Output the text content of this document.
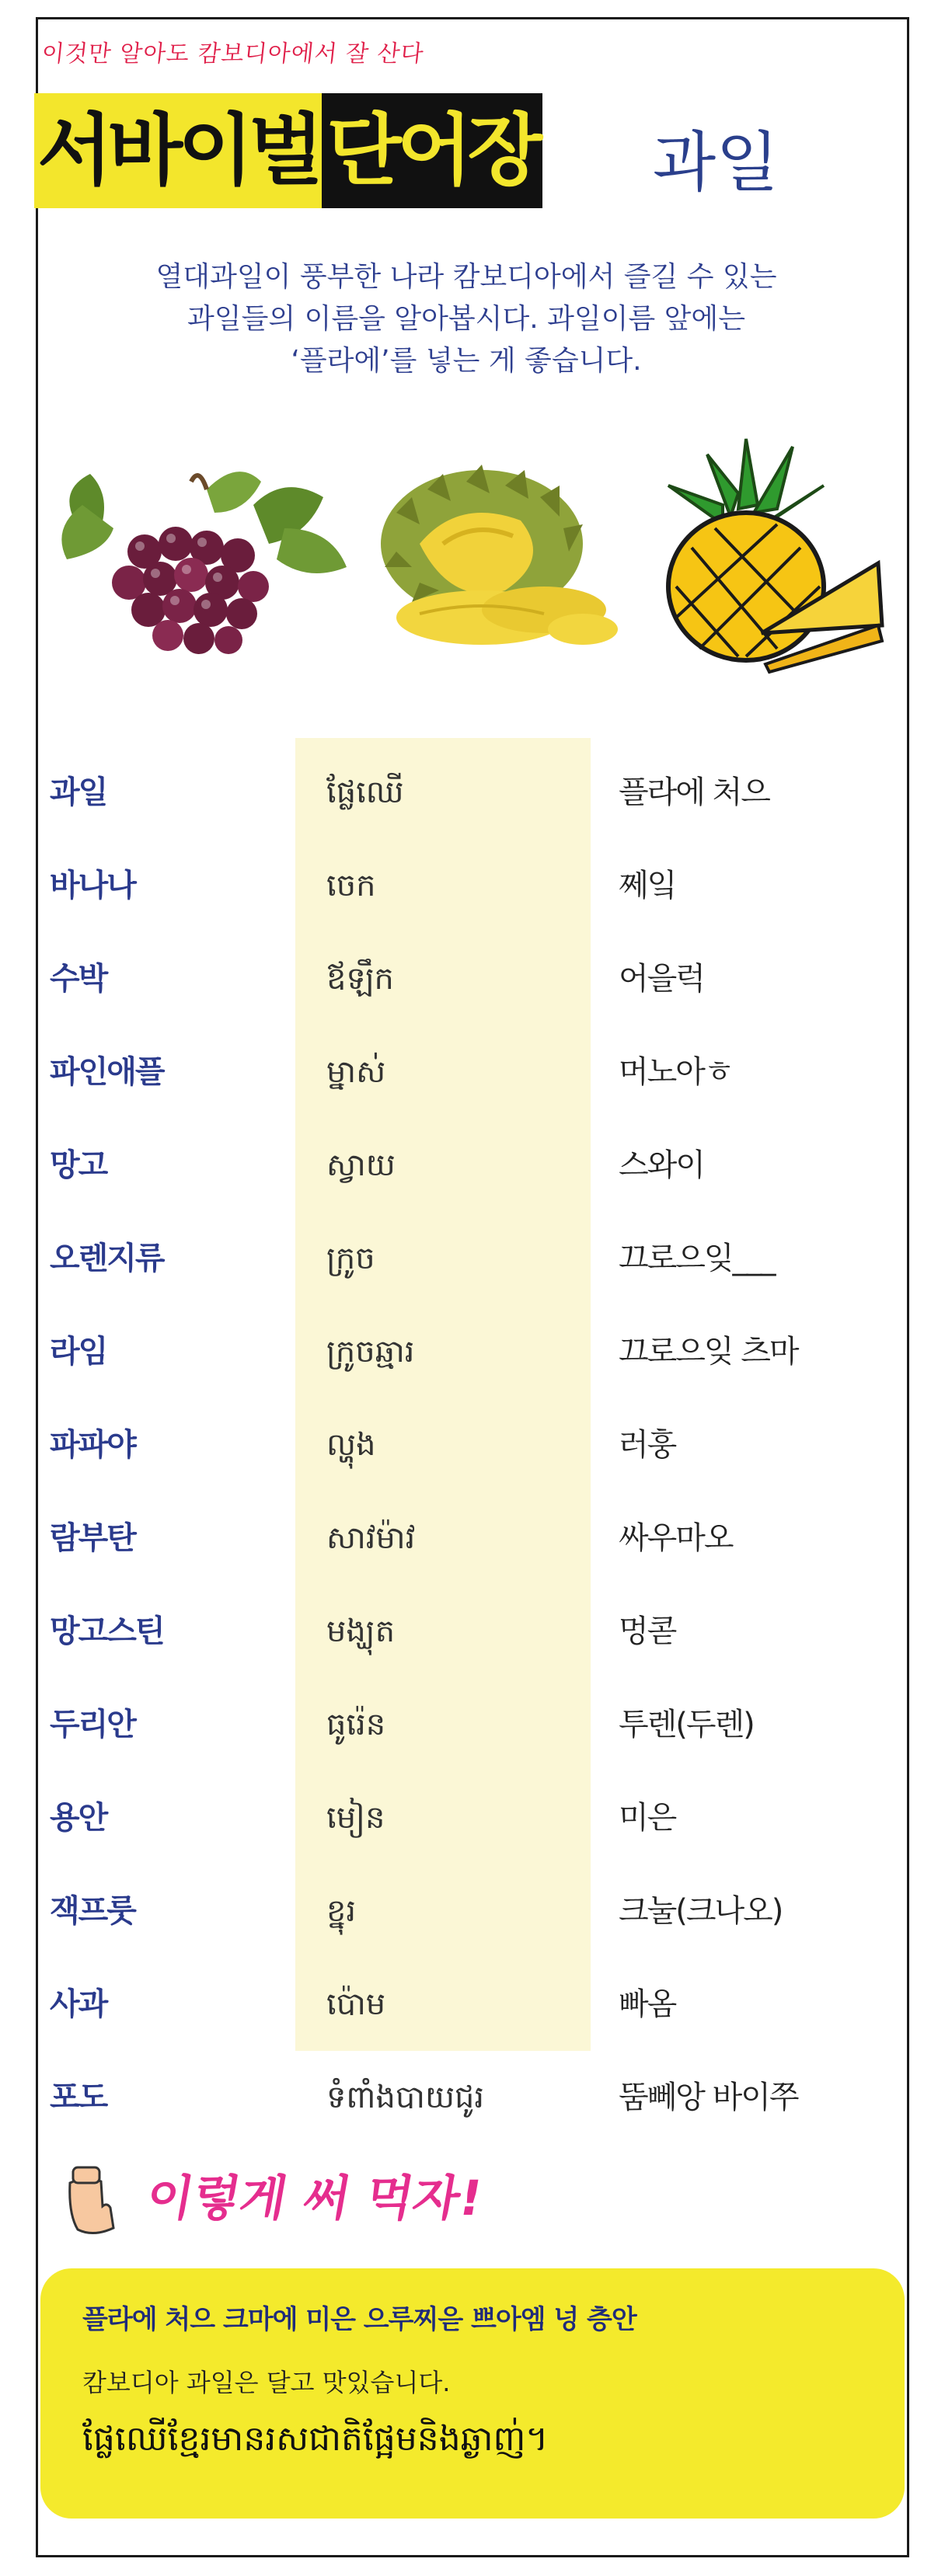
이것만 알아도 캄보디아에서 잘 산다
서바이벌 단어장 과일
열대과일이 풍부한 나라 캄보디아에서 즐길 수 있는
과일들의 이름을 알아봅시다. 과일이름 앞에는
‘플라에’를 넣는 게 좋습니다.
과일	ផ្លែឈើ	플라에 처으
바나나	ចេក	쩨잌
수박	ឪឡឹក	어을럭
파인애플	ម្នាស់	머노아ㅎ
망고	ស្វាយ	스와이
오렌지류	ក្រូច	끄로으잊___
라임	ក្រូចឆ្មារ	끄로으잊 츠마
파파야	ល្ហុង	러훙
람부탄	សាវម៉ាវ	싸우마오
망고스틴	មង្ឃុត	멍콛
두리안	ធូរ៉េន	투렌(두렌)
용안	មៀន	미은
잭프룻	ខ្នុរ	크눌(크나오)
사과	ប៉ោម	빠옴
포도	ទំពាំងបាយជូរ	뚬뻬앙 바이쭈
이렇게 써 먹자!
플라에 처으 크마에 미은 으루찌읃 쁘아엠 넝 층안
캄보디아 과일은 달고 맛있습니다.
ផ្លែឈើខ្មែរមានរសជាតិផ្អែមនិងឆ្ងាញ់។
